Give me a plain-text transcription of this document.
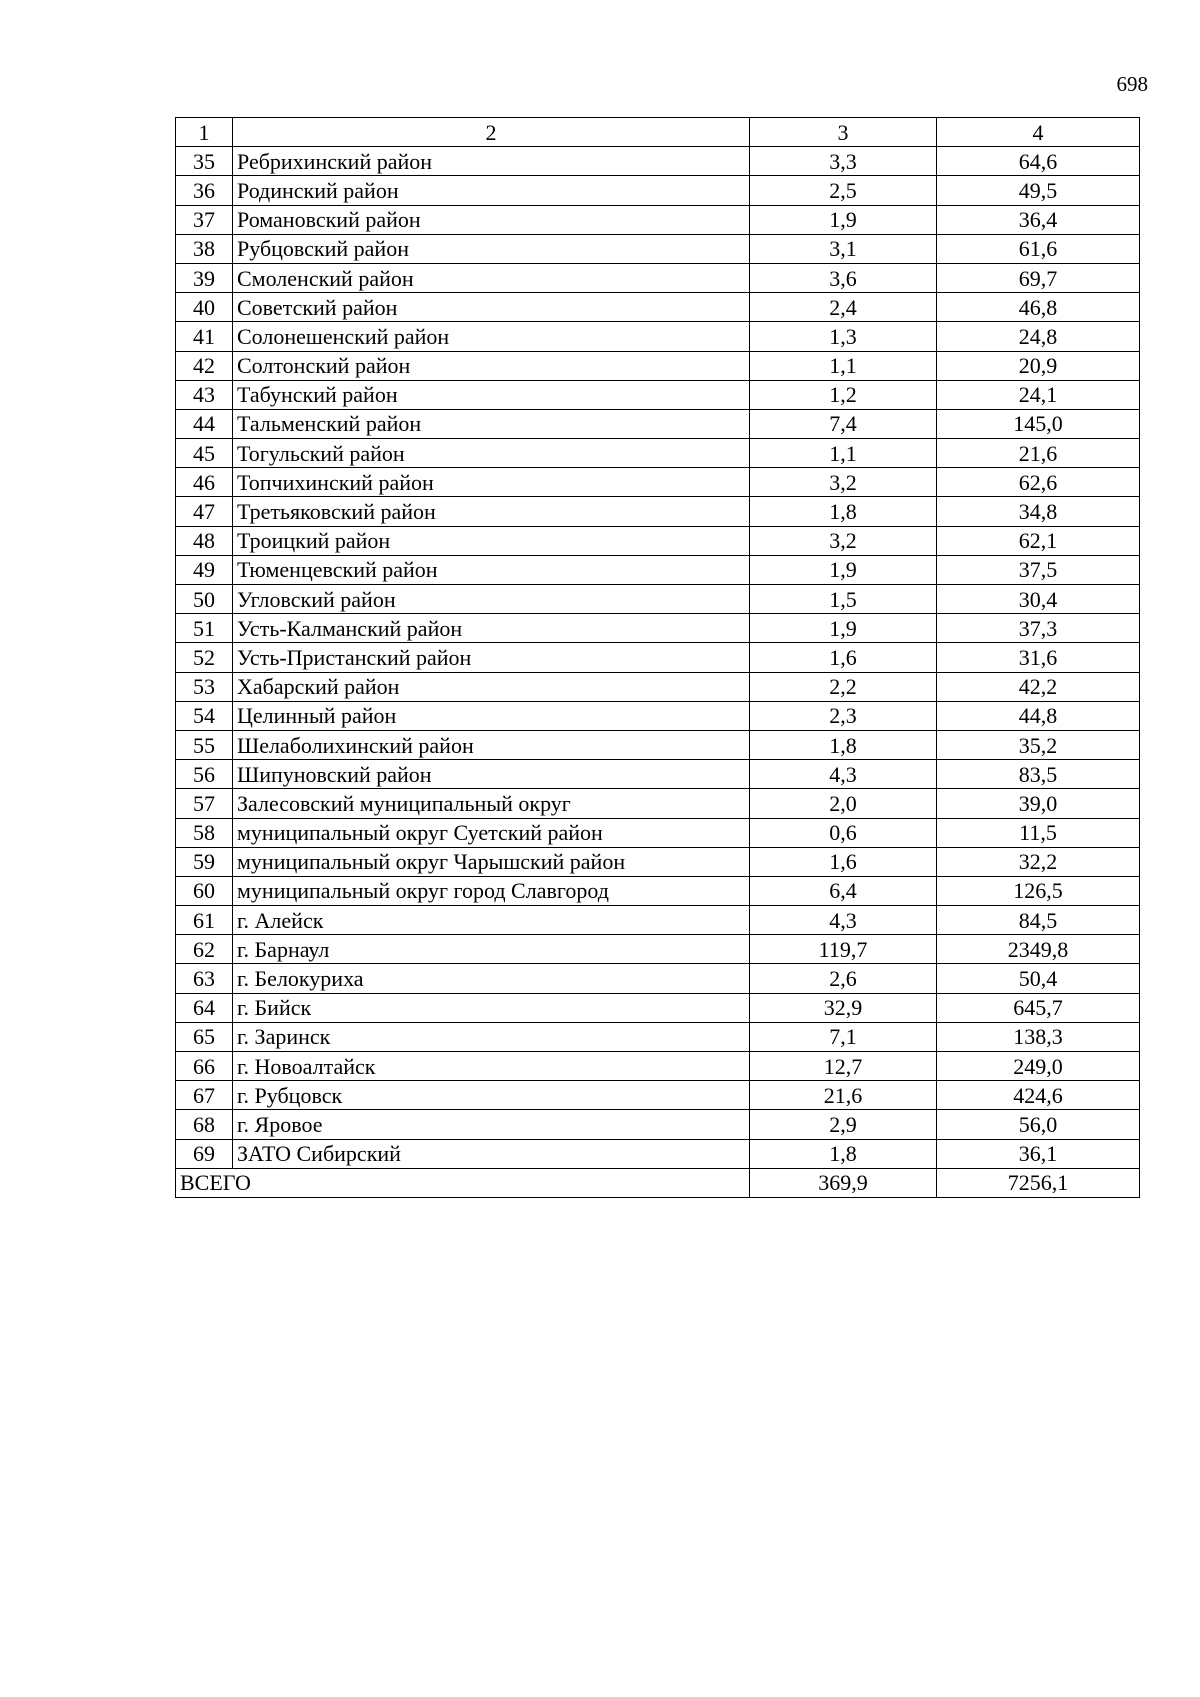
698
1	2	3	4
35	Ребрихинский район	3,3	64,6
36	Родинский район	2,5	49,5
37	Романовский район	1,9	36,4
38	Рубцовский район	3,1	61,6
39	Смоленский район	3,6	69,7
40	Советский район	2,4	46,8
41	Солонешенский район	1,3	24,8
42	Солтонский район	1,1	20,9
43	Табунский район	1,2	24,1
44	Тальменский район	7,4	145,0
45	Тогульский район	1,1	21,6
46	Топчихинский район	3,2	62,6
47	Третьяковский район	1,8	34,8
48	Троицкий район	3,2	62,1
49	Тюменцевский район	1,9	37,5
50	Угловский район	1,5	30,4
51	Усть-Калманский район	1,9	37,3
52	Усть-Пристанский район	1,6	31,6
53	Хабарский район	2,2	42,2
54	Целинный район	2,3	44,8
55	Шелаболихинский район	1,8	35,2
56	Шипуновский район	4,3	83,5
57	Залесовский муниципальный округ	2,0	39,0
58	муниципальный округ Суетский район	0,6	11,5
59	муниципальный округ Чарышский район	1,6	32,2
60	муниципальный округ город Славгород	6,4	126,5
61	г. Алейск	4,3	84,5
62	г. Барнаул	119,7	2349,8
63	г. Белокуриха	2,6	50,4
64	г. Бийск	32,9	645,7
65	г. Заринск	7,1	138,3
66	г. Новоалтайск	12,7	249,0
67	г. Рубцовск	21,6	424,6
68	г. Яровое	2,9	56,0
69	ЗАТО Сибирский	1,8	36,1
ВСЕГО		369,9	7256,1
